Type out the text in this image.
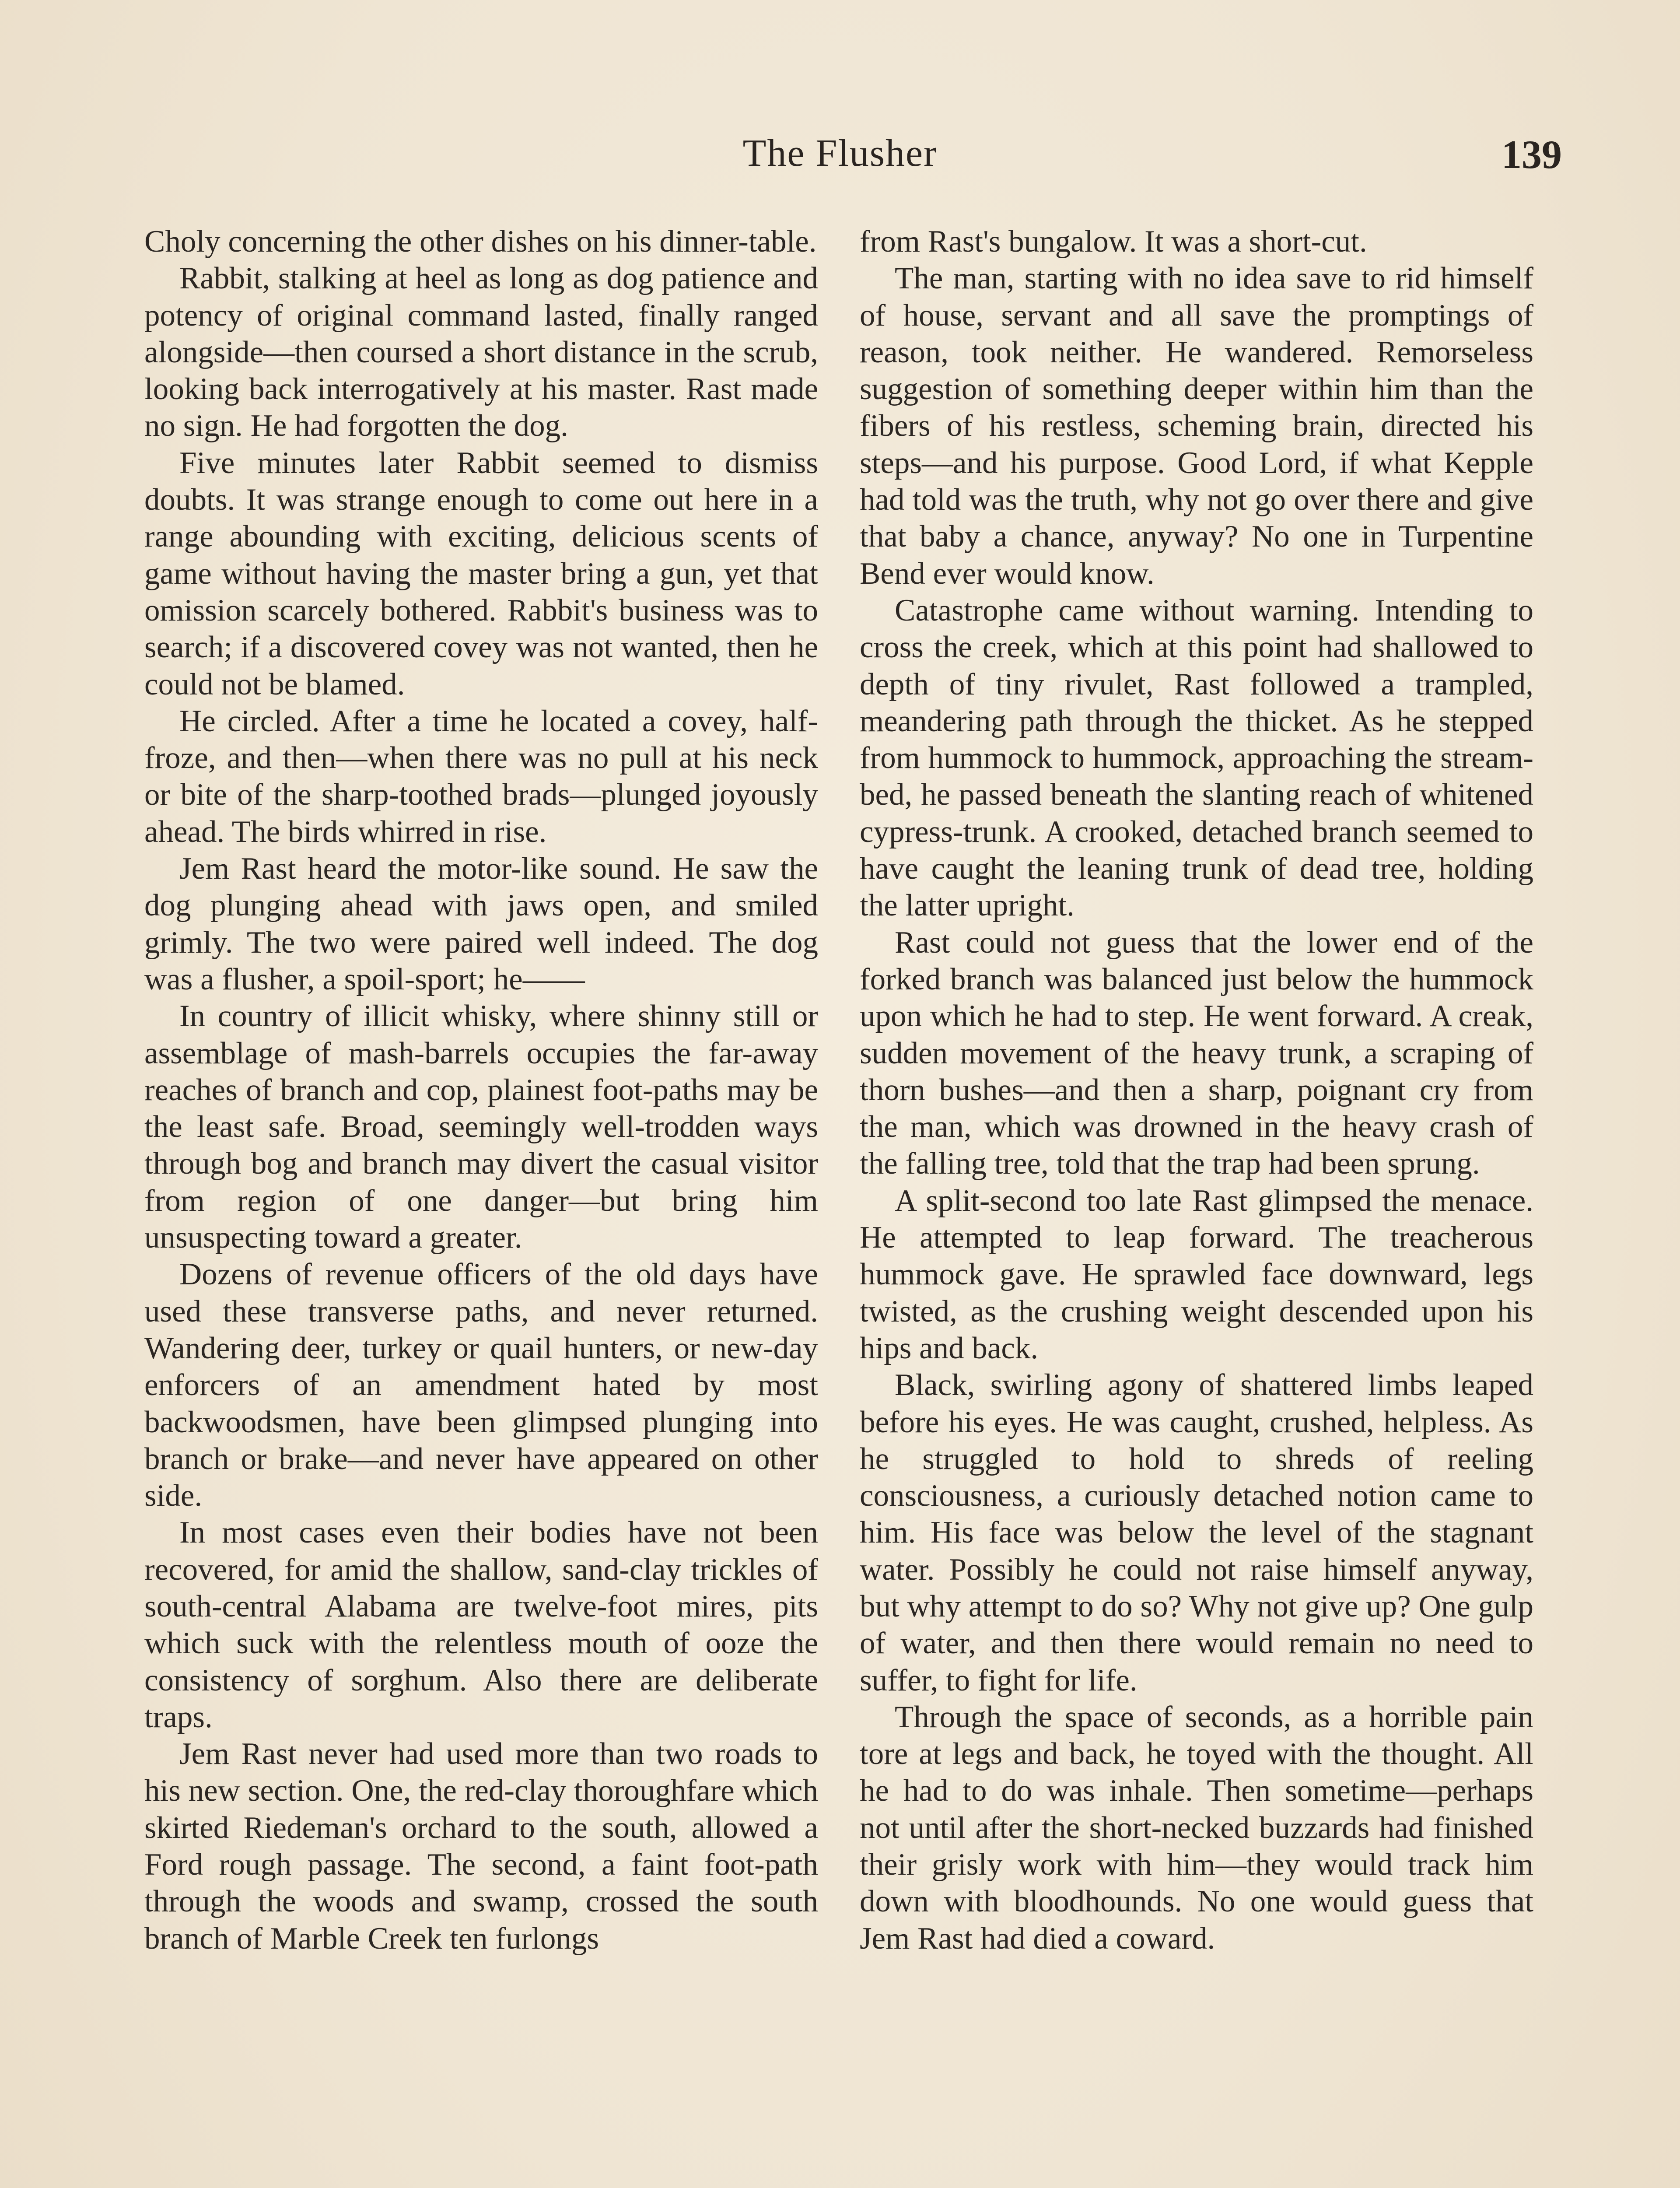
The Flusher	139

Choly concerning the other dishes on his dinner-table.

Rabbit, stalking at heel as long as dog patience and potency of original command lasted, finally ranged alongside—then coursed a short distance in the scrub, looking back interrogatively at his master. Rast made no sign. He had forgotten the dog.

Five minutes later Rabbit seemed to dismiss doubts. It was strange enough to come out here in a range abounding with exciting, delicious scents of game without having the master bring a gun, yet that omission scarcely bothered. Rabbit's business was to search; if a discovered covey was not wanted, then he could not be blamed.

He circled. After a time he located a covey, half-froze, and then—when there was no pull at his neck or bite of the sharp-toothed brads—plunged joyously ahead. The birds whirred in rise.

Jem Rast heard the motor-like sound. He saw the dog plunging ahead with jaws open, and smiled grimly. The two were paired well indeed. The dog was a flusher, a spoil-sport; he——

In country of illicit whisky, where shinny still or assemblage of mash-barrels occupies the far-away reaches of branch and cop, plainest foot-paths may be the least safe. Broad, seemingly well-trodden ways through bog and branch may divert the casual visitor from region of one danger—but bring him unsuspecting toward a greater.

Dozens of revenue officers of the old days have used these transverse paths, and never returned. Wandering deer, turkey or quail hunters, or new-day enforcers of an amendment hated by most backwoodsmen, have been glimpsed plunging into branch or brake—and never have appeared on other side.

In most cases even their bodies have not been recovered, for amid the shallow, sand-clay trickles of south-central Alabama are twelve-foot mires, pits which suck with the relentless mouth of ooze the consistency of sorghum. Also there are deliberate traps.

Jem Rast never had used more than two roads to his new section. One, the red-clay thoroughfare which skirted Riedeman's orchard to the south, allowed a Ford rough passage. The second, a faint foot-path through the woods and swamp, crossed the south branch of Marble Creek ten furlongs

from Rast's bungalow. It was a short-cut.

The man, starting with no idea save to rid himself of house, servant and all save the promptings of reason, took neither. He wandered. Remorseless suggestion of something deeper within him than the fibers of his restless, scheming brain, directed his steps—and his purpose. Good Lord, if what Kepple had told was the truth, why not go over there and give that baby a chance, anyway? No one in Turpentine Bend ever would know.

Catastrophe came without warning. Intending to cross the creek, which at this point had shallowed to depth of tiny rivulet, Rast followed a trampled, meandering path through the thicket. As he stepped from hummock to hummock, approaching the stream-bed, he passed beneath the slanting reach of whitened cypress-trunk. A crooked, detached branch seemed to have caught the leaning trunk of dead tree, holding the latter upright.

Rast could not guess that the lower end of the forked branch was balanced just below the hummock upon which he had to step. He went forward. A creak, sudden movement of the heavy trunk, a scraping of thorn bushes—and then a sharp, poignant cry from the man, which was drowned in the heavy crash of the falling tree, told that the trap had been sprung.

A split-second too late Rast glimpsed the menace. He attempted to leap forward. The treacherous hummock gave. He sprawled face downward, legs twisted, as the crushing weight descended upon his hips and back.

Black, swirling agony of shattered limbs leaped before his eyes. He was caught, crushed, helpless. As he struggled to hold to shreds of reeling consciousness, a curiously detached notion came to him. His face was below the level of the stagnant water. Possibly he could not raise himself anyway, but why attempt to do so? Why not give up? One gulp of water, and then there would remain no need to suffer, to fight for life.

Through the space of seconds, as a horrible pain tore at legs and back, he toyed with the thought. All he had to do was inhale. Then sometime—perhaps not until after the short-necked buzzards had finished their grisly work with him—they would track him down with bloodhounds. No one would guess that Jem Rast had died a coward.
